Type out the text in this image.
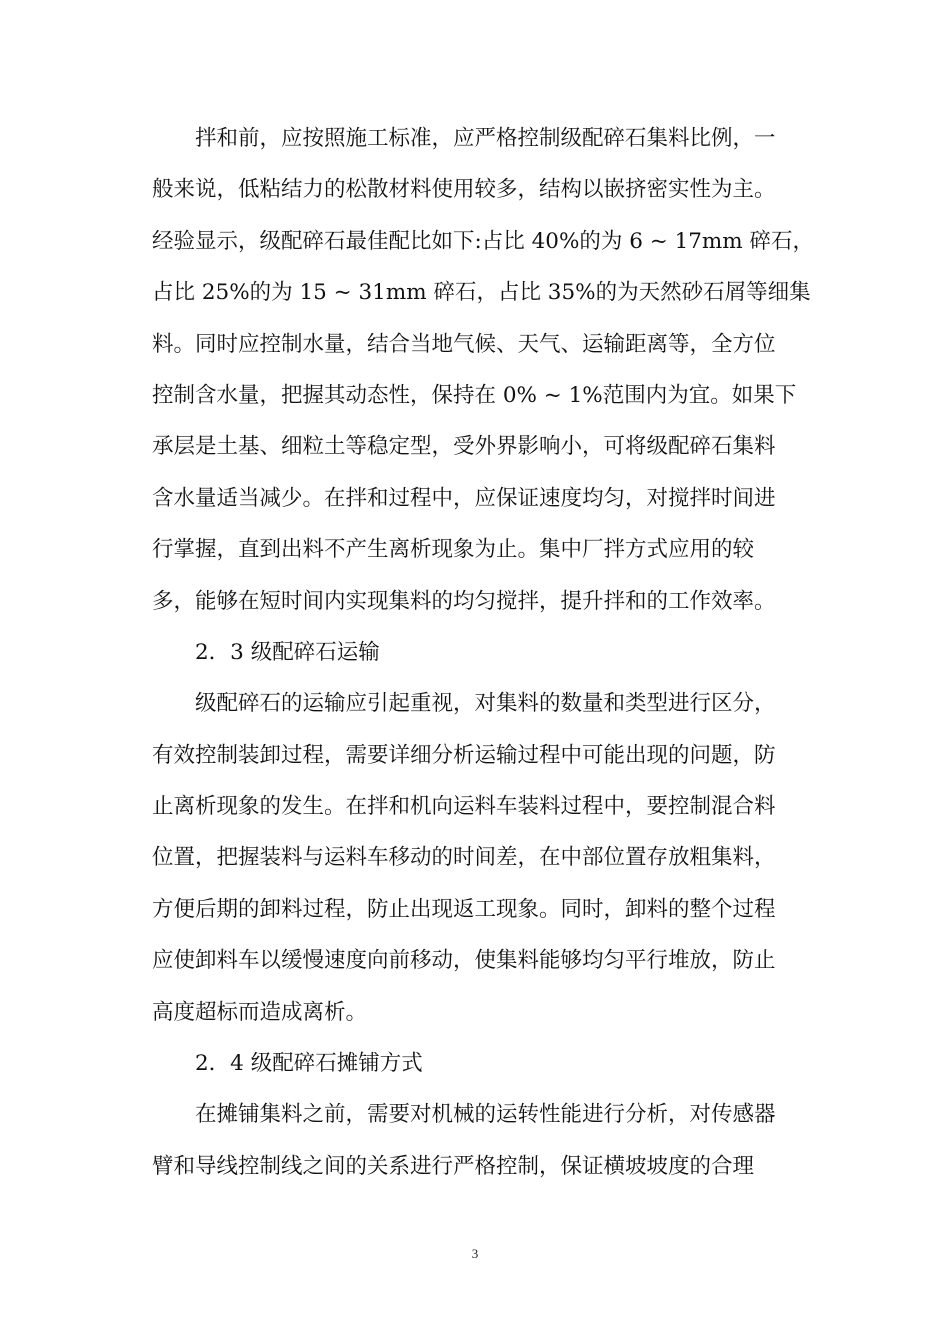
拌和前，应按照施工标准，应严格控制级配碎石集料比例，一
般来说，低粘结力的松散材料使用较多，结构以嵌挤密实性为主。
经验显示，级配碎石最佳配比如下:占比 40%的为 6 ~ 17mm 碎石，
占比 25%的为 15 ~ 31mm 碎石，占比 35%的为天然砂石屑等细集
料。同时应控制水量，结合当地气候、天气、运输距离等，全方位
控制含水量，把握其动态性，保持在 0% ~ 1%范围内为宜。如果下
承层是土基、细粒土等稳定型，受外界影响小，可将级配碎石集料
含水量适当减少。在拌和过程中，应保证速度均匀，对搅拌时间进
行掌握，直到出料不产生离析现象为止。集中厂拌方式应用的较
多，能够在短时间内实现集料的均匀搅拌，提升拌和的工作效率。
2．3 级配碎石运输
级配碎石的运输应引起重视，对集料的数量和类型进行区分，
有效控制装卸过程，需要详细分析运输过程中可能出现的问题，防
止离析现象的发生。在拌和机向运料车装料过程中，要控制混合料
位置，把握装料与运料车移动的时间差，在中部位置存放粗集料，
方便后期的卸料过程，防止出现返工现象。同时，卸料的整个过程
应使卸料车以缓慢速度向前移动，使集料能够均匀平行堆放，防止
高度超标而造成离析。
2．4 级配碎石摊铺方式
在摊铺集料之前，需要对机械的运转性能进行分析，对传感器
臂和导线控制线之间的关系进行严格控制，保证横坡坡度的合理
3
